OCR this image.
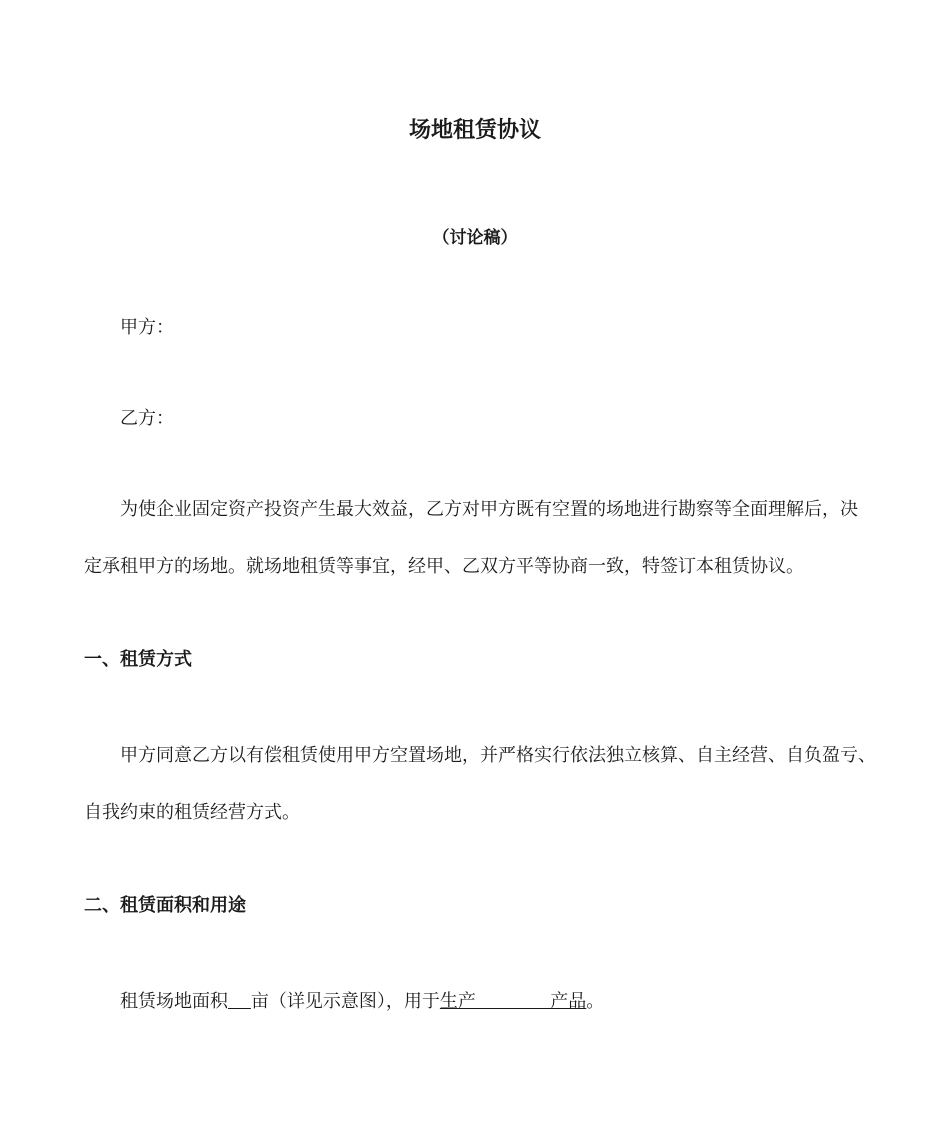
场地租赁协议
（讨论稿）
甲方：
乙方：
为使企业固定资产投资产生最大效益，乙方对甲方既有空置的场地进行勘察等全面理解后，决
定承租甲方的场地。就场地租赁等事宜，经甲、乙双方平等协商一致，特签订本租赁协议。
一、租赁方式
甲方同意乙方以有偿租赁使用甲方空置场地，并严格实行依法独立核算、自主经营、自负盈亏、
自我约束的租赁经营方式。
二、租赁面积和用途
租赁场地面积 亩（详见示意图），用于生产             产品。
